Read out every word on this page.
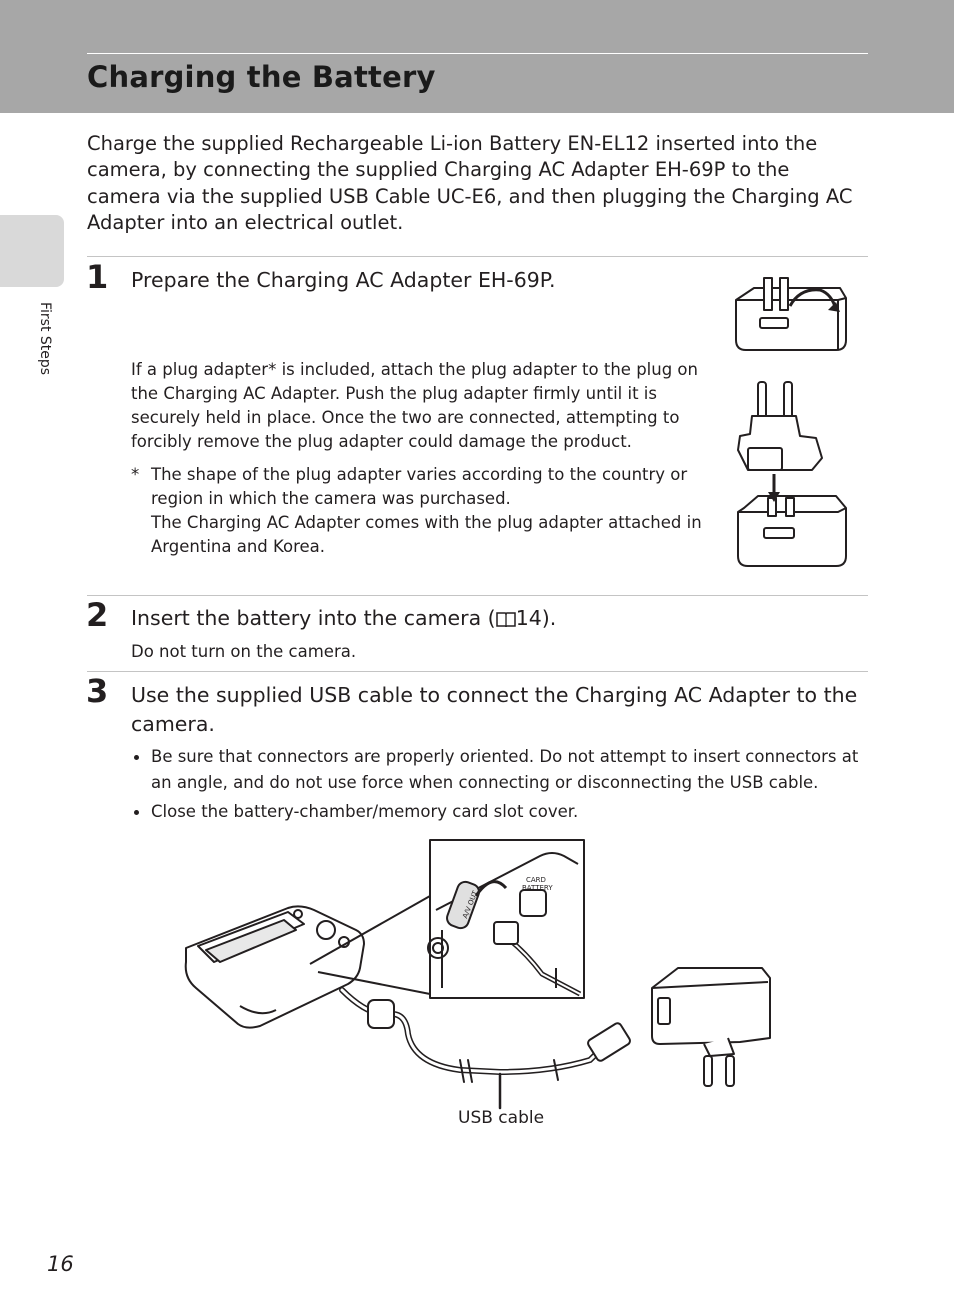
Charging the Battery
First Steps

Charge the supplied Rechargeable Li-ion Battery EN-EL12 inserted into the camera, by connecting the supplied Charging AC Adapter EH-69P to the camera via the supplied USB Cable UC-E6, and then plugging the Charging AC Adapter into an electrical outlet.

1 Prepare the Charging AC Adapter EH-69P.

If a plug adapter* is included, attach the plug adapter to the plug on the Charging AC Adapter. Push the plug adapter firmly until it is securely held in place. Once the two are connected, attempting to forcibly remove the plug adapter could damage the product.

* The shape of the plug adapter varies according to the country or region in which the camera was purchased.

The Charging AC Adapter comes with the plug adapter attached in Argentina and Korea.

2 Insert the battery into the camera ( 14).

Do not turn on the camera.

3 Use the supplied USB cable to connect the Charging AC Adapter to the camera.
Be sure that connectors are properly oriented. Do not attempt to insert connectors at an angle, and do not use force when connecting or disconnecting the USB cable.
Close the battery-chamber/memory card slot cover.
A/V OUT
CARD
BATTERY
USB cable
16
